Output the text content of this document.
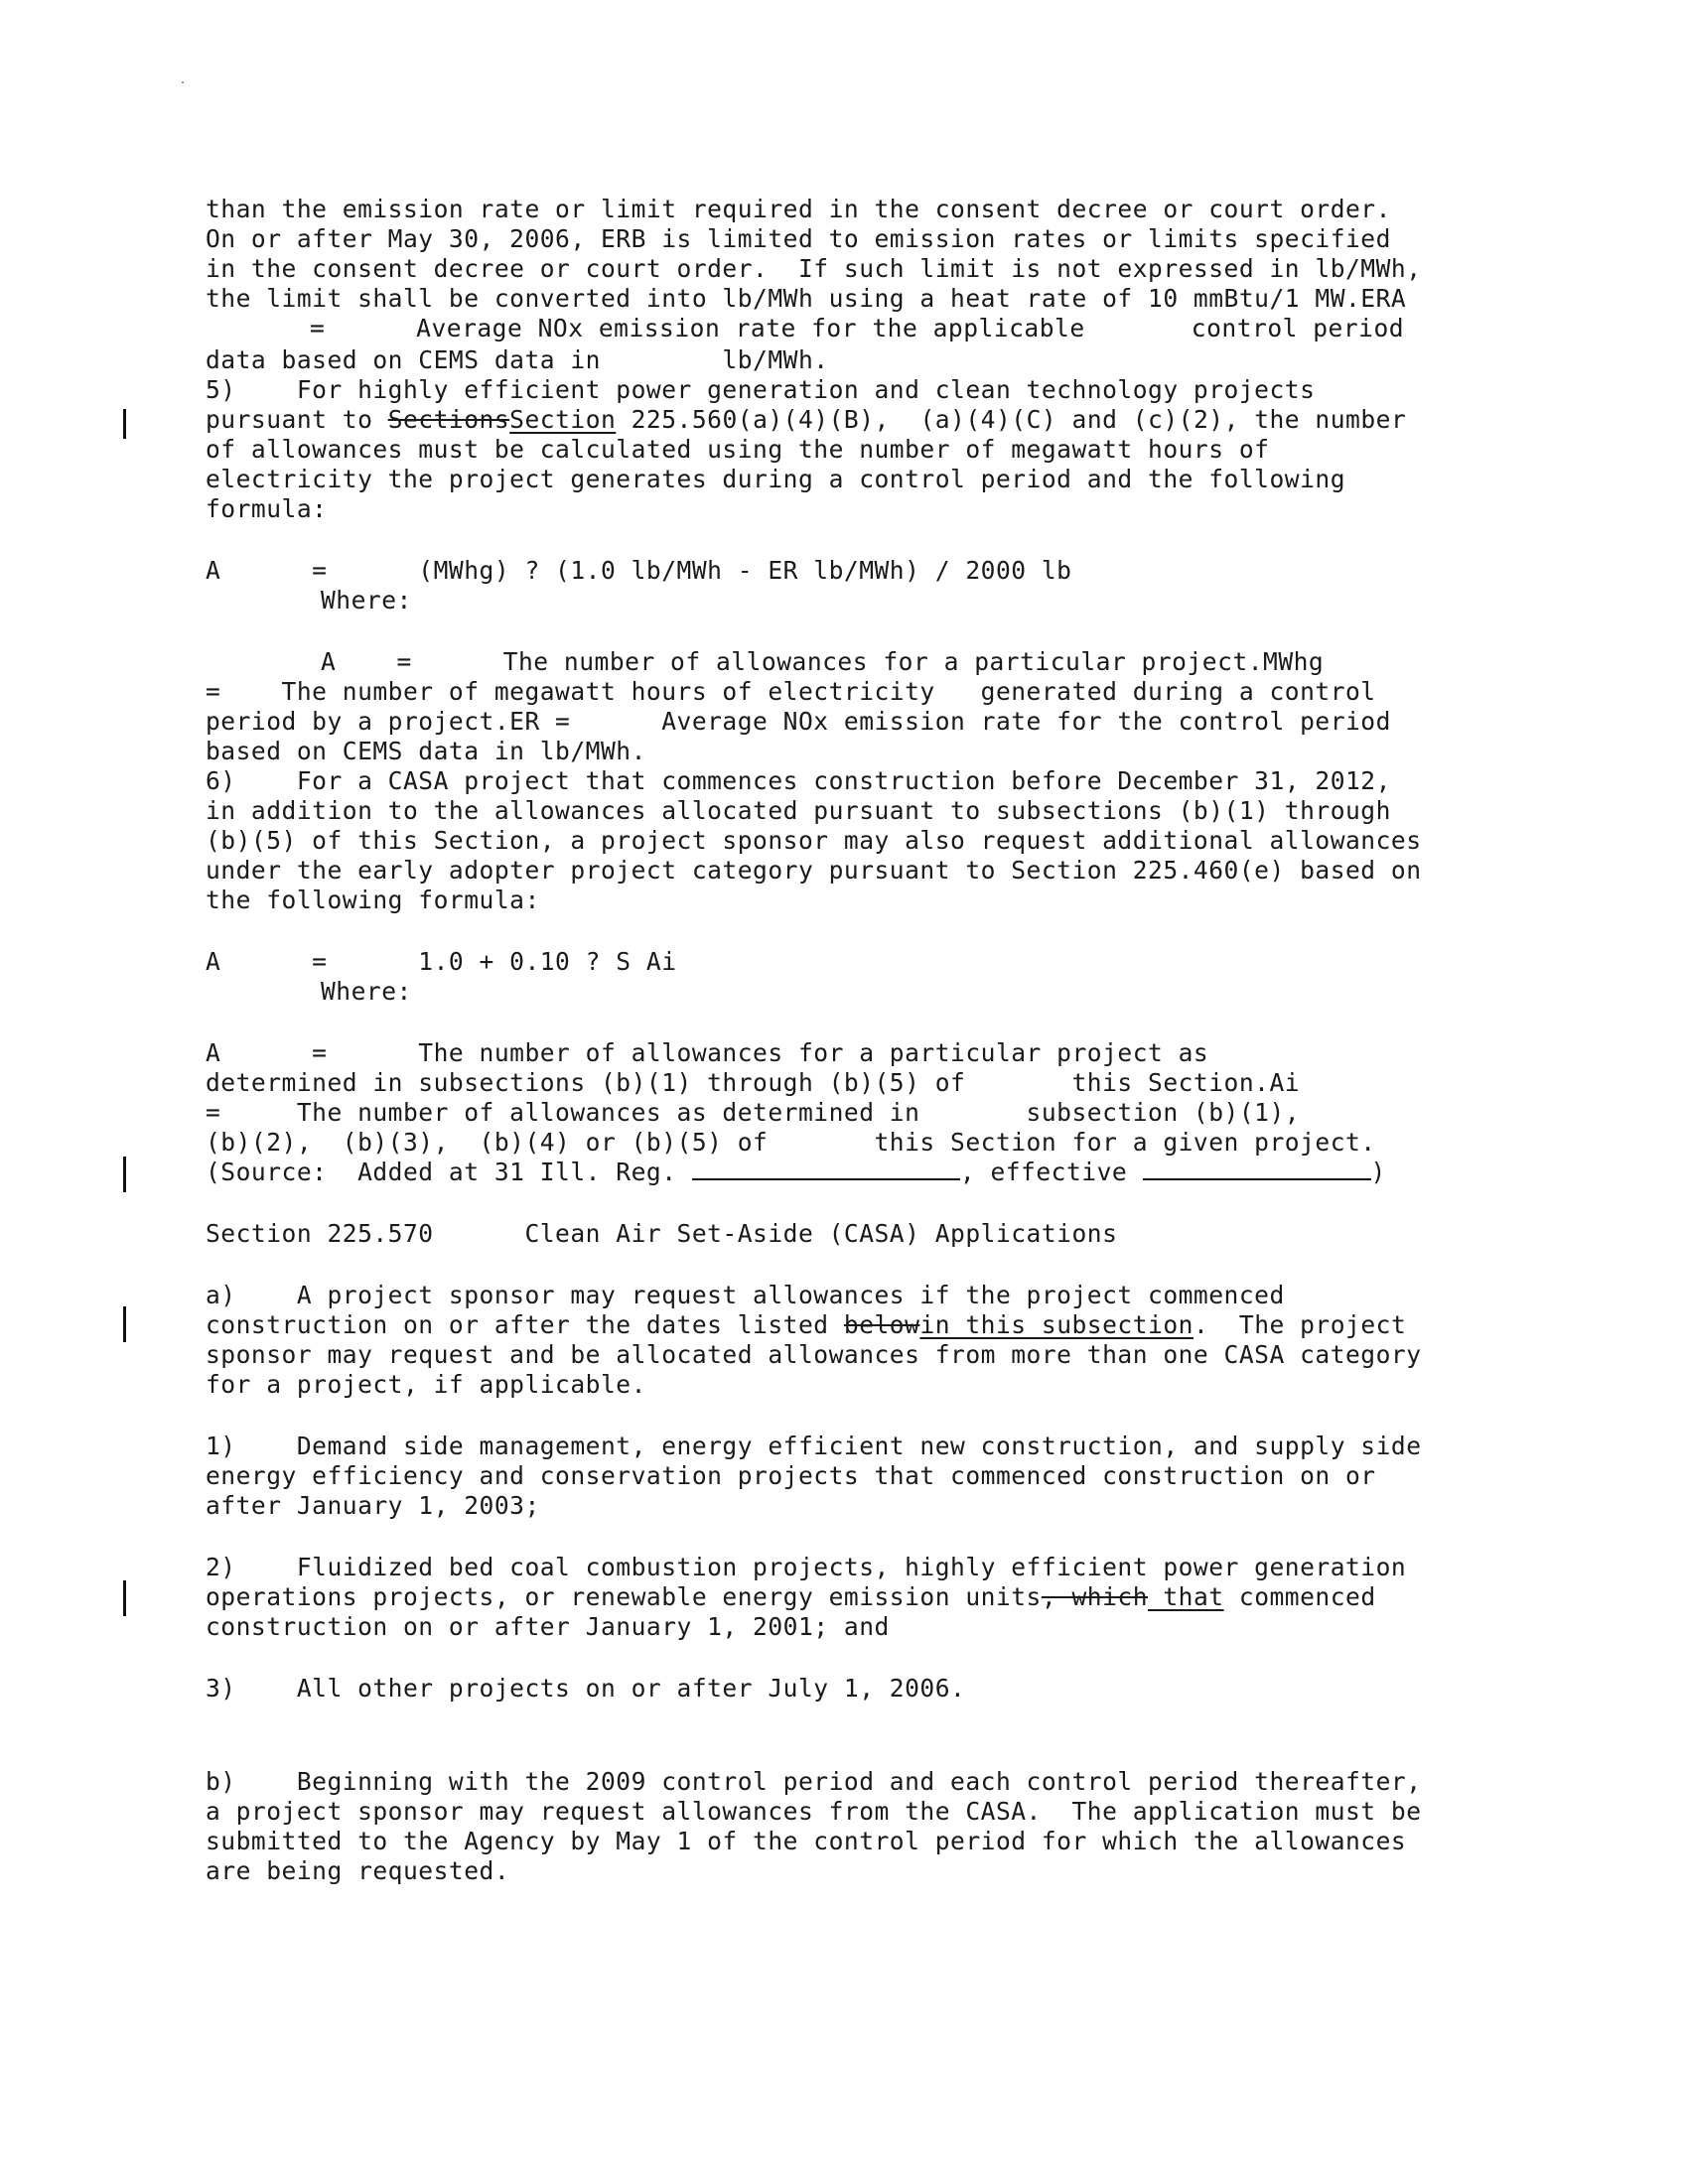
than the emission rate or limit required in the consent decree or court order.
On or after May 30, 2006, ERB is limited to emission rates or limits specified
in the consent decree or court order.  If such limit is not expressed in lb/MWh,
the limit shall be converted into lb/MWh using a heat rate of 10 mmBtu/1 MW.ERA
=      Average NOx emission rate for the applicable       control period
data based on CEMS data in        lb/MWh.
5)    For highly efficient power generation and clean technology projects
pursuant to SectionsSection 225.560(a)(4)(B),  (a)(4)(C) and (c)(2), the number
of allowances must be calculated using the number of megawatt hours of
electricity the project generates during a control period and the following
formula:
A      =      (MWhg) ? (1.0 lb/MWh - ER lb/MWh) / 2000 lb
Where:
A    =      The number of allowances for a particular project.MWhg
=    The number of megawatt hours of electricity   generated during a control
period by a project.ER =      Average NOx emission rate for the control period
based on CEMS data in lb/MWh.
6)    For a CASA project that commences construction before December 31, 2012,
in addition to the allowances allocated pursuant to subsections (b)(1) through
(b)(5) of this Section, a project sponsor may also request additional allowances
under the early adopter project category pursuant to Section 225.460(e) based on
the following formula:
A      =      1.0 + 0.10 ? S Ai
Where:
A      =      The number of allowances for a particular project as
determined in subsections (b)(1) through (b)(5) of       this Section.Ai
=     The number of allowances as determined in       subsection (b)(1),
(b)(2),  (b)(3),  (b)(4) or (b)(5) of       this Section for a given project.
(Source:  Added at 31 Ill. Reg.	, effective	)
Section 225.570      Clean Air Set-Aside (CASA) Applications
a)    A project sponsor may request allowances if the project commenced
construction on or after the dates listed belowin this subsection.  The project
sponsor may request and be allocated allowances from more than one CASA category
for a project, if applicable.
1)    Demand side management, energy efficient new construction, and supply side
energy efficiency and conservation projects that commenced construction on or
after January 1, 2003;
2)    Fluidized bed coal combustion projects, highly efficient power generation
operations projects, or renewable energy emission units, which that commenced
construction on or after January 1, 2001; and
3)    All other projects on or after July 1, 2006.
b)    Beginning with the 2009 control period and each control period thereafter,
a project sponsor may request allowances from the CASA.  The application must be
submitted to the Agency by May 1 of the control period for which the allowances
are being requested.
